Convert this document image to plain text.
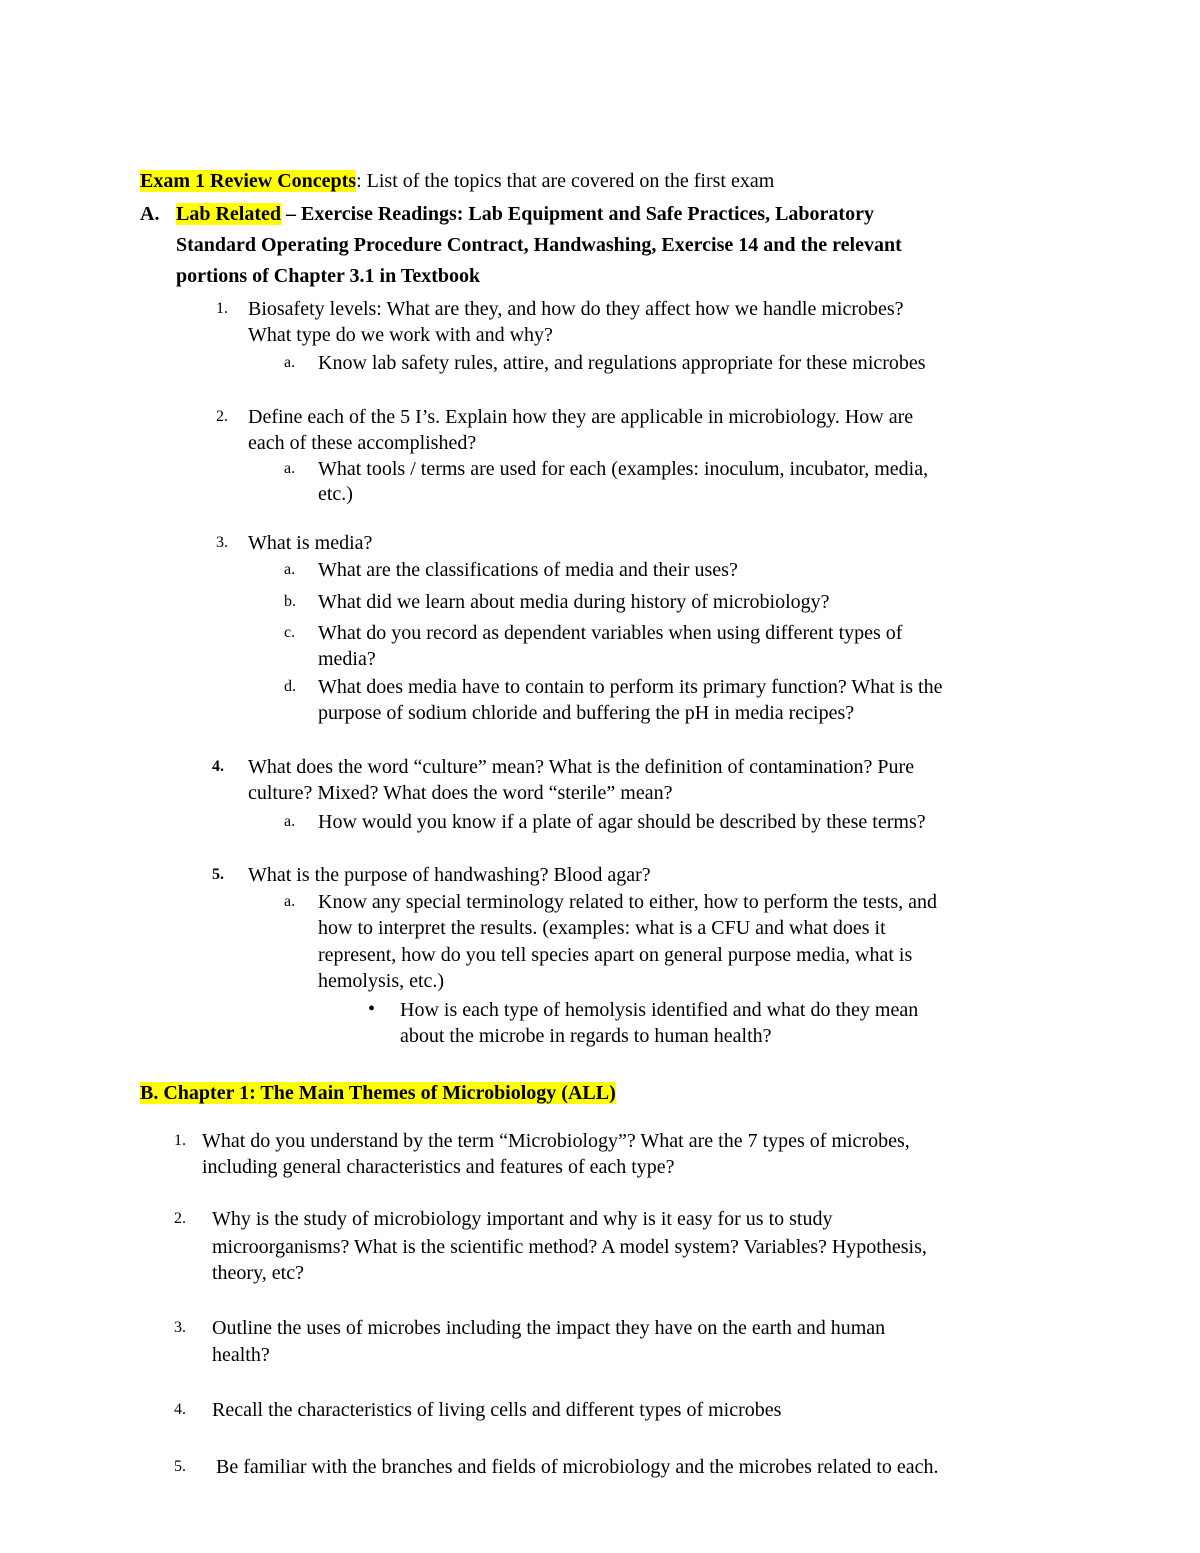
Exam 1 Review Concepts: List of the topics that are covered on the first exam
A. Lab Related – Exercise Readings: Lab Equipment and Safe Practices, Laboratory
Standard Operating Procedure Contract, Handwashing, Exercise 14 and the relevant
portions of Chapter 3.1 in Textbook
1. Biosafety levels: What are they, and how do they affect how we handle microbes?
What type do we work with and why?
a. Know lab safety rules, attire, and regulations appropriate for these microbes
2. Define each of the 5 I’s. Explain how they are applicable in microbiology. How are
each of these accomplished?
a. What tools / terms are used for each (examples: inoculum, incubator, media,
etc.)
3. What is media?
a. What are the classifications of media and their uses?
b. What did we learn about media during history of microbiology?
c. What do you record as dependent variables when using different types of
media?
d. What does media have to contain to perform its primary function? What is the
purpose of sodium chloride and buffering the pH in media recipes?
4. What does the word “culture” mean? What is the definition of contamination? Pure
culture? Mixed? What does the word “sterile” mean?
a. How would you know if a plate of agar should be described by these terms?
5. What is the purpose of handwashing? Blood agar?
a. Know any special terminology related to either, how to perform the tests, and
how to interpret the results. (examples: what is a CFU and what does it
represent, how do you tell species apart on general purpose media, what is
hemolysis, etc.)
• How is each type of hemolysis identified and what do they mean
about the microbe in regards to human health?
B. Chapter 1: The Main Themes of Microbiology (ALL)
1. What do you understand by the term “Microbiology”? What are the 7 types of microbes,
including general characteristics and features of each type?
2. Why is the study of microbiology important and why is it easy for us to study
microorganisms? What is the scientific method? A model system? Variables? Hypothesis,
theory, etc?
3. Outline the uses of microbes including the impact they have on the earth and human
health?
4. Recall the characteristics of living cells and different types of microbes
5. Be familiar with the branches and fields of microbiology and the microbes related to each.
